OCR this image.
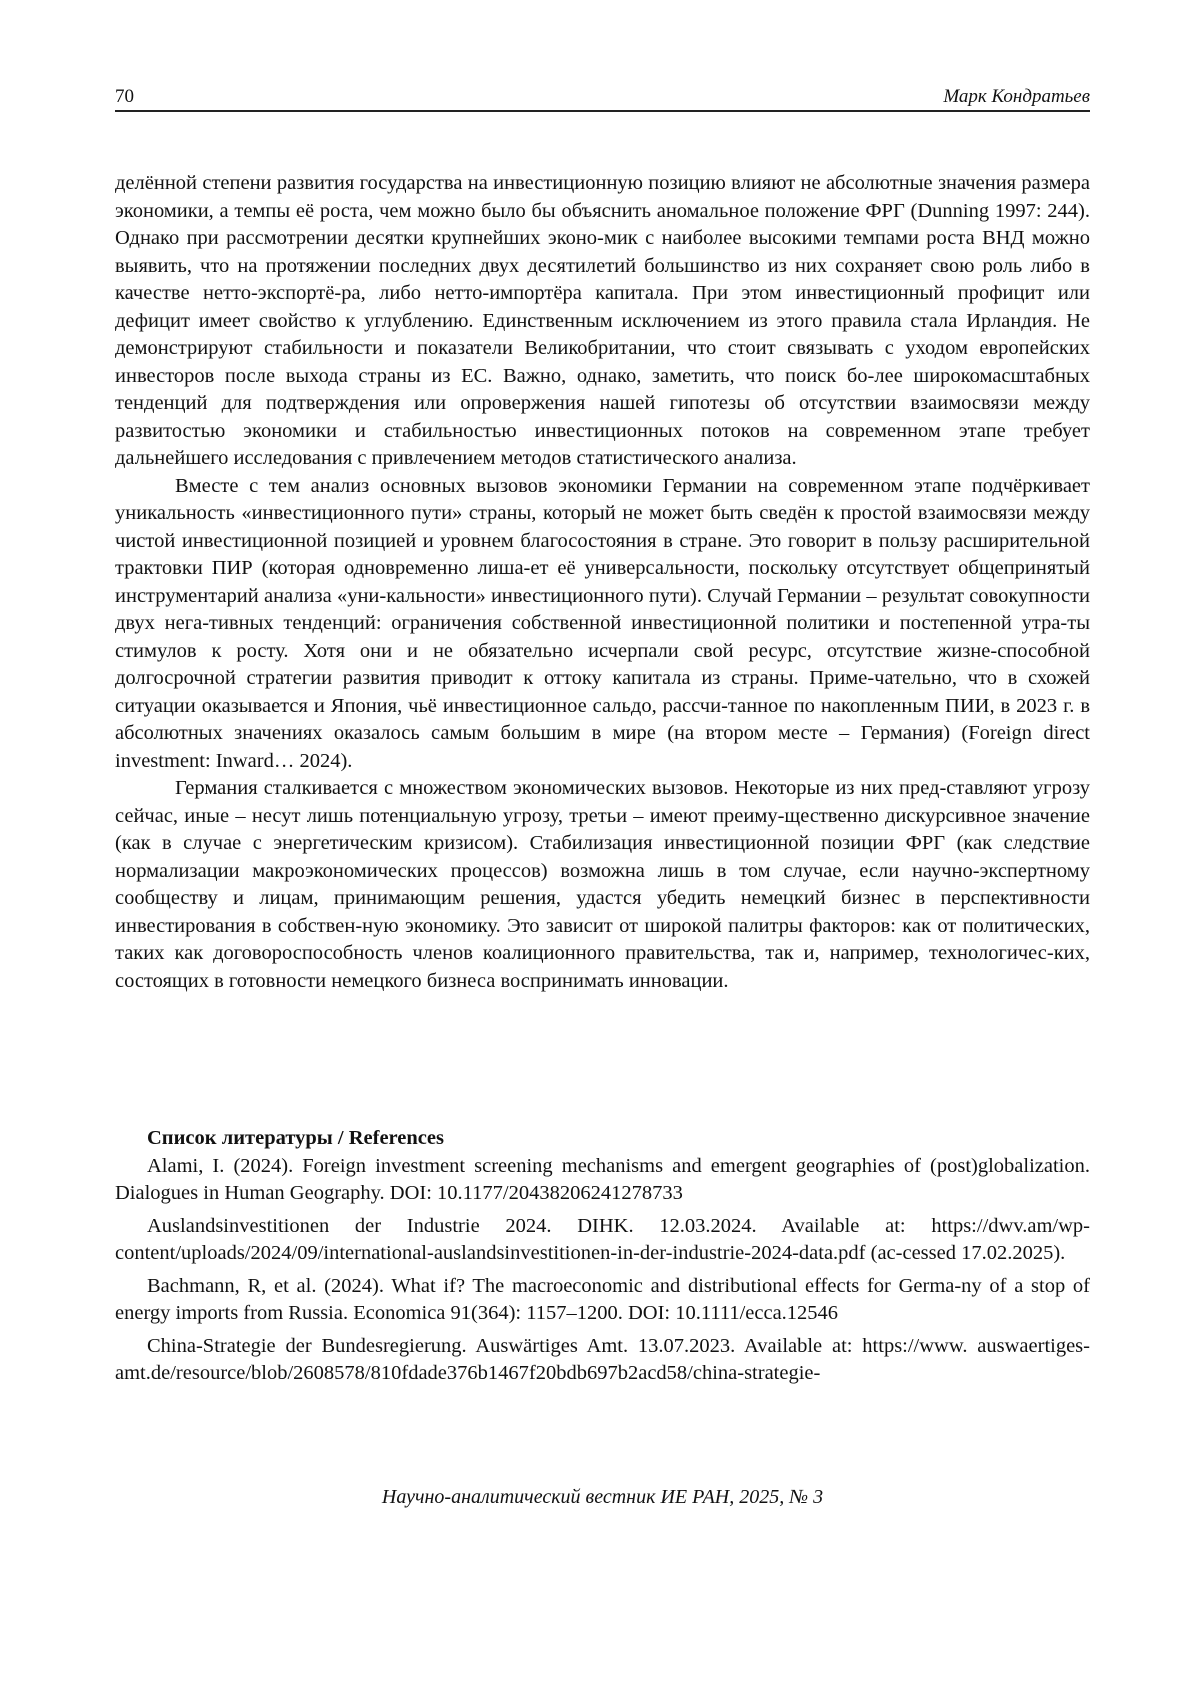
70	Марк Кондратьев

делённой степени развития государства на инвестиционную позицию влияют не абсолютные значения размера экономики, а темпы её роста, чем можно было бы объяснить аномальное положение ФРГ (Dunning 1997: 244). Однако при рассмотрении десятки крупнейших эконо-мик с наиболее высокими темпами роста ВНД можно выявить, что на протяжении последних двух десятилетий большинство из них сохраняет свою роль либо в качестве нетто-экспортё-ра, либо нетто-импортёра капитала. При этом инвестиционный профицит или дефицит имеет свойство к углублению. Единственным исключением из этого правила стала Ирландия. Не демонстрируют стабильности и показатели Великобритании, что стоит связывать с уходом европейских инвесторов после выхода страны из ЕС. Важно, однако, заметить, что поиск бо-лее широкомасштабных тенденций для подтверждения или опровержения нашей гипотезы об отсутствии взаимосвязи между развитостью экономики и стабильностью инвестиционных потоков на современном этапе требует дальнейшего исследования с привлечением методов статистического анализа.

Вместе с тем анализ основных вызовов экономики Германии на современном этапе подчёркивает уникальность «инвестиционного пути» страны, который не может быть сведён к простой взаимосвязи между чистой инвестиционной позицией и уровнем благосостояния в стране. Это говорит в пользу расширительной трактовки ПИР (которая одновременно лиша-ет её универсальности, поскольку отсутствует общепринятый инструментарий анализа «уни-кальности» инвестиционного пути). Случай Германии – результат совокупности двух нега-тивных тенденций: ограничения собственной инвестиционной политики и постепенной утра-ты стимулов к росту. Хотя они и не обязательно исчерпали свой ресурс, отсутствие жизне-способной долгосрочной стратегии развития приводит к оттоку капитала из страны. Приме-чательно, что в схожей ситуации оказывается и Япония, чьё инвестиционное сальдо, рассчи-танное по накопленным ПИИ, в 2023 г. в абсолютных значениях оказалось самым большим в мире (на втором месте – Германия) (Foreign direct investment: Inward… 2024).

Германия сталкивается с множеством экономических вызовов. Некоторые из них пред-ставляют угрозу сейчас, иные – несут лишь потенциальную угрозу, третьи – имеют преиму-щественно дискурсивное значение (как в случае с энергетическим кризисом). Стабилизация инвестиционной позиции ФРГ (как следствие нормализации макроэкономических процессов) возможна лишь в том случае, если научно-экспертному сообществу и лицам, принимающим решения, удастся убедить немецкий бизнес в перспективности инвестирования в собствен-ную экономику. Это зависит от широкой палитры факторов: как от политических, таких как договороспособность членов коалиционного правительства, так и, например, технологичес-ких, состоящих в готовности немецкого бизнеса воспринимать инновации.

Список литературы / References

Alami, I. (2024). Foreign investment screening mechanisms and emergent geographies of (post)globalization. Dialogues in Human Geography. DOI: 10.1177/20438206241278733

Auslandsinvestitionen der Industrie 2024. DIHK. 12.03.2024. Available at: https://dwv.am/wp-content/uploads/2024/09/international-auslandsinvestitionen-in-der-industrie-2024-data.pdf (ac-cessed 17.02.2025).

Bachmann, R, et al. (2024). What if? The macroeconomic and distributional effects for Germa-ny of a stop of energy imports from Russia. Economica 91(364): 1157–1200. DOI: 10.1111/ecca.12546

China-Strategie der Bundesregierung. Auswärtiges Amt. 13.07.2023. Available at: https://www. auswaertiges-amt.de/resource/blob/2608578/810fdade376b1467f20bdb697b2acd58/china-strategie-

Научно-аналитический вестник ИЕ РАН, 2025, № 3
